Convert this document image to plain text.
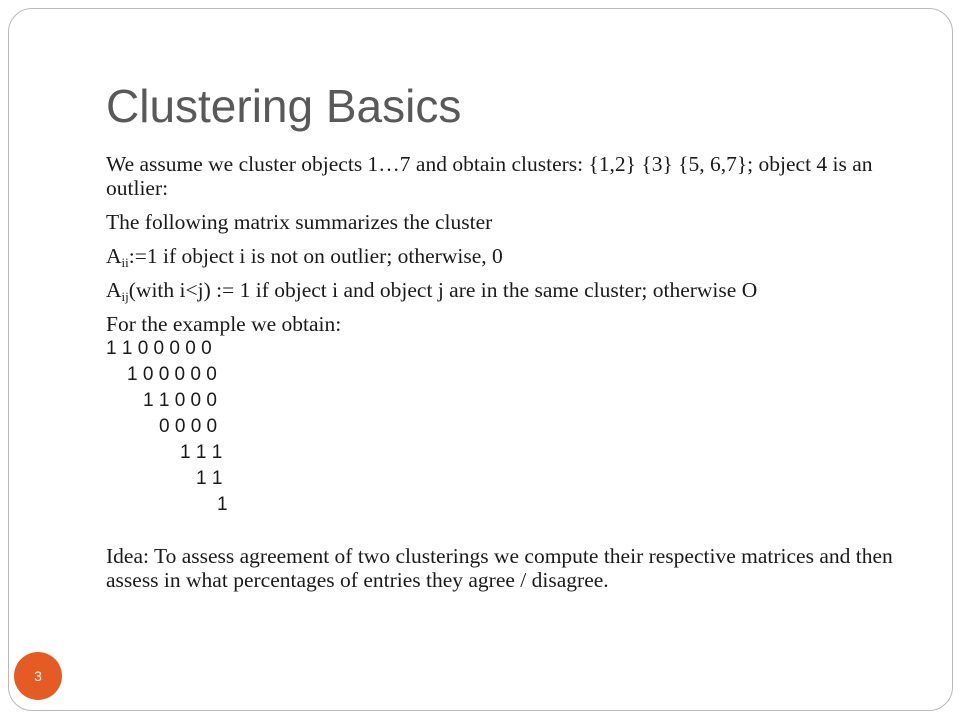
Clustering Basics

We assume we cluster objects 1…7 and obtain clusters: {1,2} {3} {5, 6,7}; object 4 is an outlier:

The following matrix summarizes the cluster

$A_{ii}:=1$ if object i is not on outlier; otherwise, 0

$A_{ij}(with$ i<j) := 1 if object i and object j are in the same cluster; otherwise O

For the example we obtain:

1 1 0 0 0 0 0
1 0 0 0 0 0
1 1 0 0 0
0 0 0 0
1 1 1
1 1
1

Idea: To assess agreement of two clusterings we compute their respective matrices and then assess in what percentages of entries they agree / disagree.

3
